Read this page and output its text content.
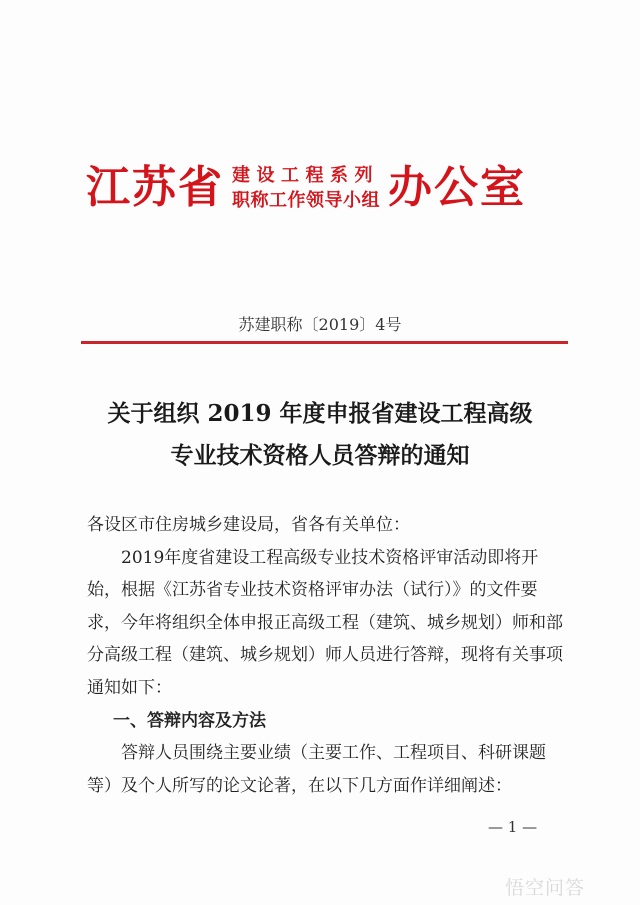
江苏省 建设工程系列
职称工作领导小组 办公室
苏建职称〔2019〕4号
关于组织 2019 年度申报省建设工程高级
专业技术资格人员答辩的通知

各设区市住房城乡建设局，省各有关单位：

2019年度省建设工程高级专业技术资格评审活动即将开始，根据《江苏省专业技术资格评审办法（试行）》的文件要求，今年将组织全体申报正高级工程（建筑、城乡规划）师和部分高级工程（建筑、城乡规划）师人员进行答辩，现将有关事项通知如下：

一、答辩内容及方法

答辩人员围绕主要业绩（主要工作、工程项目、科研课题等）及个人所写的论文论著，在以下几方面作详细阐述：

— 1 —
悟空问答
